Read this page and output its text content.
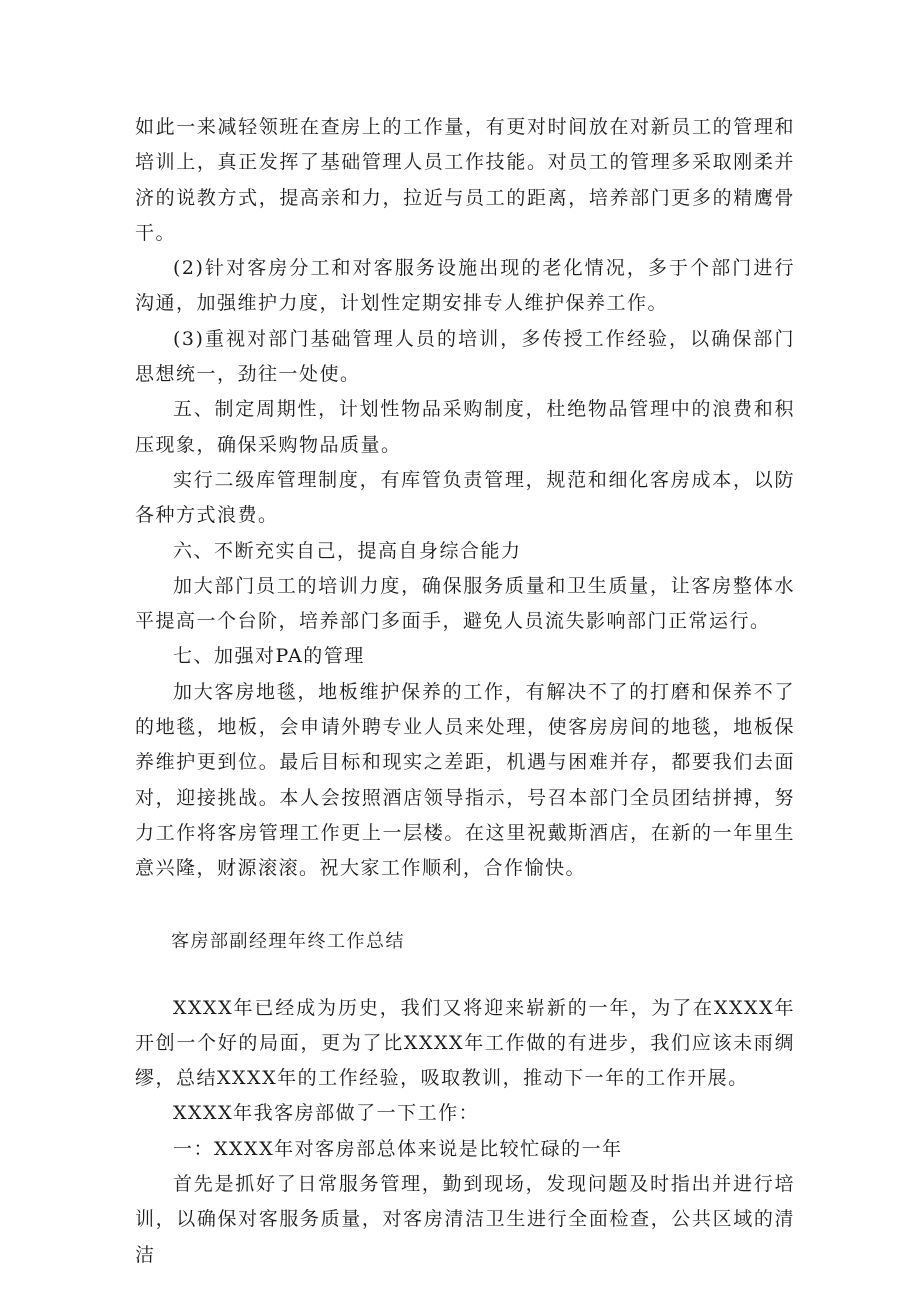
如此一来减轻领班在查房上的工作量，有更对时间放在对新员工的管理和培训上，真正发挥了基础管理人员工作技能。对员工的管理多采取刚柔并济的说教方式，提高亲和力，拉近与员工的距离，培养部门更多的精鹰骨干。

(2)针对客房分工和对客服务设施出现的老化情况，多于个部门进行沟通，加强维护力度，计划性定期安排专人维护保养工作。

(3)重视对部门基础管理人员的培训，多传授工作经验，以确保部门思想统一，劲往一处使。

五、制定周期性，计划性物品采购制度，杜绝物品管理中的浪费和积压现象，确保采购物品质量。

实行二级库管理制度，有库管负责管理，规范和细化客房成本，以防各种方式浪费。

六、不断充实自己，提高自身综合能力

加大部门员工的培训力度，确保服务质量和卫生质量，让客房整体水平提高一个台阶，培养部门多面手，避免人员流失影响部门正常运行。

七、加强对PA的管理

加大客房地毯，地板维护保养的工作，有解决不了的打磨和保养不了的地毯，地板，会申请外聘专业人员来处理，使客房房间的地毯，地板保养维护更到位。最后目标和现实之差距，机遇与困难并存，都要我们去面对，迎接挑战。本人会按照酒店领导指示，号召本部门全员团结拼搏，努力工作将客房管理工作更上一层楼。在这里祝戴斯酒店，在新的一年里生意兴隆，财源滚滚。祝大家工作顺利，合作愉快。

客房部副经理年终工作总结

XXXX年已经成为历史，我们又将迎来崭新的一年，为了在XXXX年开创一个好的局面，更为了比XXXX年工作做的有进步，我们应该未雨绸缪，总结XXXX年的工作经验，吸取教训，推动下一年的工作开展。

XXXX年我客房部做了一下工作：

一：XXXX年对客房部总体来说是比较忙碌的一年

首先是抓好了日常服务管理，勤到现场，发现问题及时指出并进行培训，以确保对客服务质量，对客房清洁卫生进行全面检查，公共区域的清洁
